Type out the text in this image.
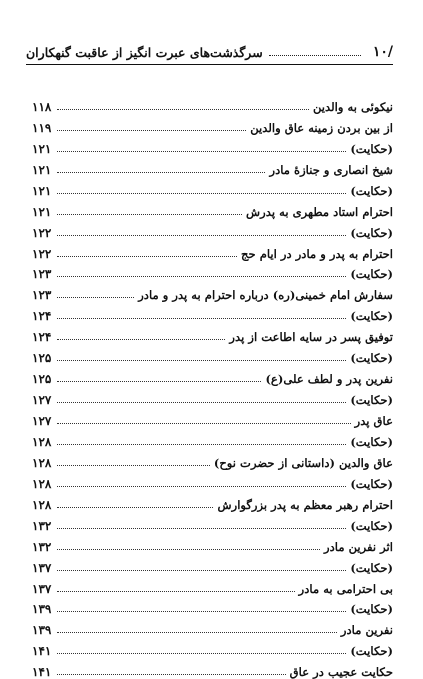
/۱۰
سرگذشت‌های عبرت انگیز از عاقبت گنهکاران
نیکوئی به والدین
۱۱۸
از بین بردن زمینه عاق والدین
۱۱۹
(حکایت)
۱۲۱
شیخ انصاری و جنازهٔ مادر
۱۲۱
(حکایت)
۱۲۱
احترام استاد مطهری به پدرش
۱۲۱
(حکایت)
۱۲۲
احترام به پدر و مادر در ایام حج
۱۲۲
(حکایت)
۱۲۳
سفارش امام خمینی(ره) درباره احترام به پدر و مادر
۱۲۳
(حکایت)
۱۲۴
توفیق پسر در سایه اطاعت از پدر
۱۲۴
(حکایت)
۱۲۵
نفرین پدر و لطف علی(ع)
۱۲۵
(حکایت)
۱۲۷
عاق پدر
۱۲۷
(حکایت)
۱۲۸
عاق والدین (داستانی از حضرت نوح)
۱۲۸
(حکایت)
۱۲۸
احترام رهبر معظم به پدر بزرگوارش
۱۲۸
(حکایت)
۱۳۲
اثر نفرین مادر
۱۳۲
(حکایت)
۱۳۷
بی احترامی به مادر
۱۳۷
(حکایت)
۱۳۹
نفرین مادر
۱۳۹
(حکایت)
۱۴۱
حکایت عجیب در عاق
۱۴۱
